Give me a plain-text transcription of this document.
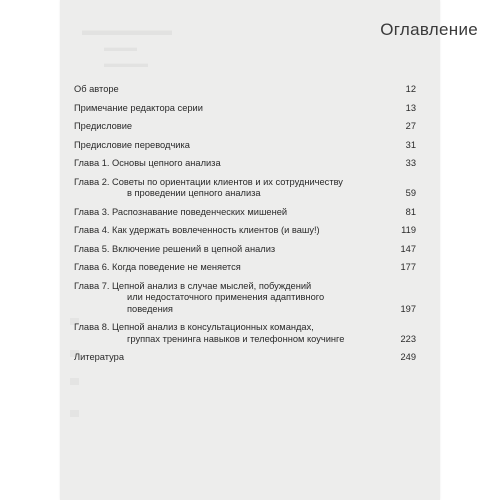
▬▬▬▬▬▬
▬▬▬
▬▬▬▬
Оглавление
Об авторе	12
Примечание редактора серии	13
Предисловие	27
Предисловие переводчика	31
Глава 1. Основы цепного анализа	33
Глава 2. Советы по ориентации клиентов и их сотрудничеству
в проведении цепного анализа	59
Глава 3. Распознавание поведенческих мишеней	81
Глава 4. Как удержать вовлеченность клиентов (и вашу!)	119
Глава 5. Включение решений в цепной анализ	147
Глава 6. Когда поведение не меняется	177
Глава 7. Цепной анализ в случае мыслей, побуждений
или недостаточного применения адаптивного поведения	197
Глава 8. Цепной анализ в консультационных командах,
группах тренинга навыков и телефонном коучинге	223
Литература	249
